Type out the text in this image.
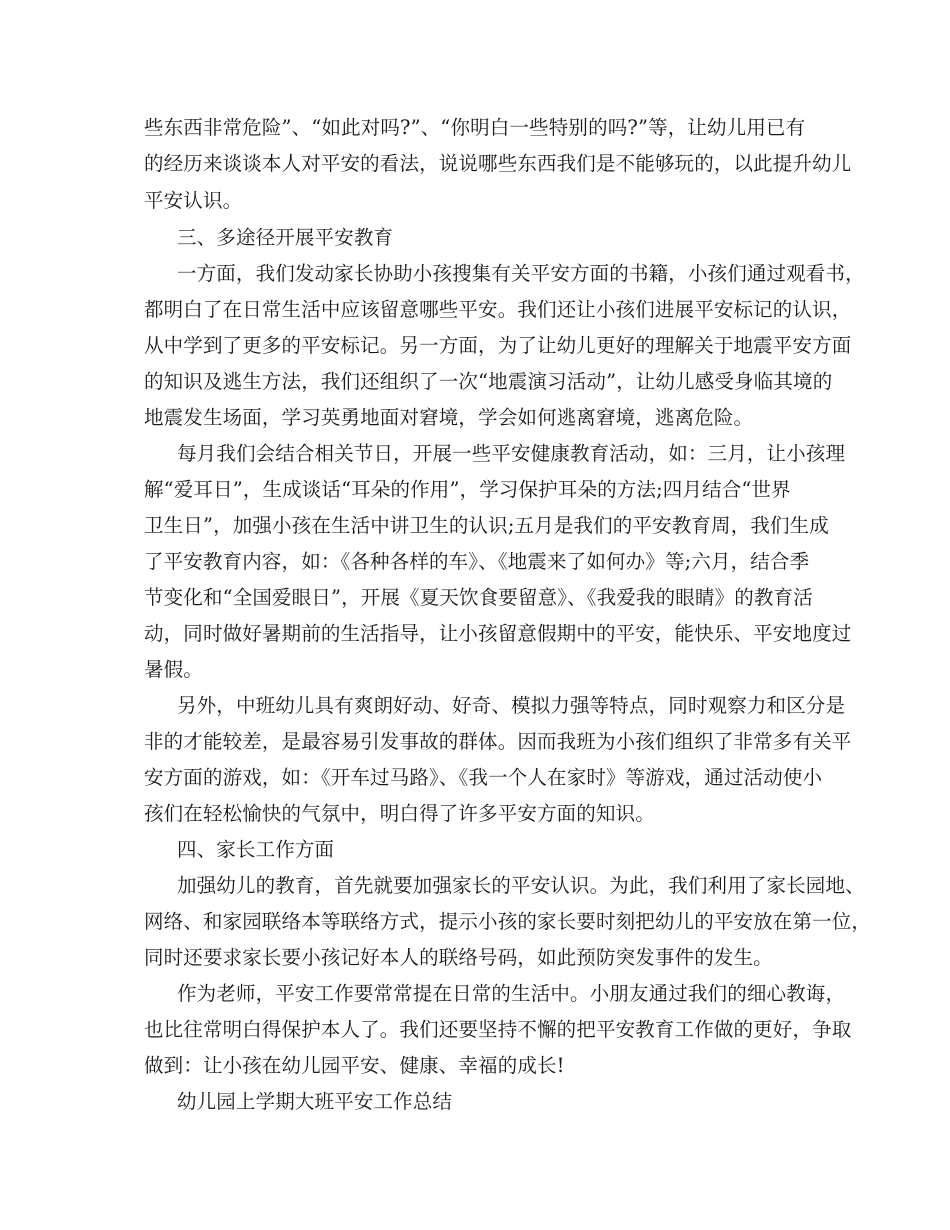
些东西非常危险”、“如此对吗?”、“你明白一些特别的吗?”等，让幼儿用已有
的经历来谈谈本人对平安的看法，说说哪些东西我们是不能够玩的，以此提升幼儿
平安认识。
三、多途径开展平安教育
一方面，我们发动家长协助小孩搜集有关平安方面的书籍，小孩们通过观看书，
都明白了在日常生活中应该留意哪些平安。我们还让小孩们进展平安标记的认识，
从中学到了更多的平安标记。另一方面，为了让幼儿更好的理解关于地震平安方面
的知识及逃生方法，我们还组织了一次“地震演习活动”，让幼儿感受身临其境的
地震发生场面，学习英勇地面对窘境，学会如何逃离窘境，逃离危险。
每月我们会结合相关节日，开展一些平安健康教育活动，如：三月，让小孩理
解“爱耳日”，生成谈话“耳朵的作用”，学习保护耳朵的方法;四月结合“世界
卫生日”，加强小孩在生活中讲卫生的认识;五月是我们的平安教育周，我们生成
了平安教育内容，如：《各种各样的车》、《地震来了如何办》等;六月，结合季
节变化和“全国爱眼日”，开展《夏天饮食要留意》、《我爱我的眼睛》的教育活
动，同时做好暑期前的生活指导，让小孩留意假期中的平安，能快乐、平安地度过
暑假。
另外，中班幼儿具有爽朗好动、好奇、模拟力强等特点，同时观察力和区分是
非的才能较差，是最容易引发事故的群体。因而我班为小孩们组织了非常多有关平
安方面的游戏，如：《开车过马路》、《我一个人在家时》等游戏，通过活动使小
孩们在轻松愉快的气氛中，明白得了许多平安方面的知识。
四、家长工作方面
加强幼儿的教育，首先就要加强家长的平安认识。为此，我们利用了家长园地、
网络、和家园联络本等联络方式，提示小孩的家长要时刻把幼儿的平安放在第一位，
同时还要求家长要小孩记好本人的联络号码，如此预防突发事件的发生。
作为老师，平安工作要常常提在日常的生活中。小朋友通过我们的细心教诲，
也比往常明白得保护本人了。我们还要坚持不懈的把平安教育工作做的更好，争取
做到：让小孩在幼儿园平安、健康、幸福的成长!
幼儿园上学期大班平安工作总结
